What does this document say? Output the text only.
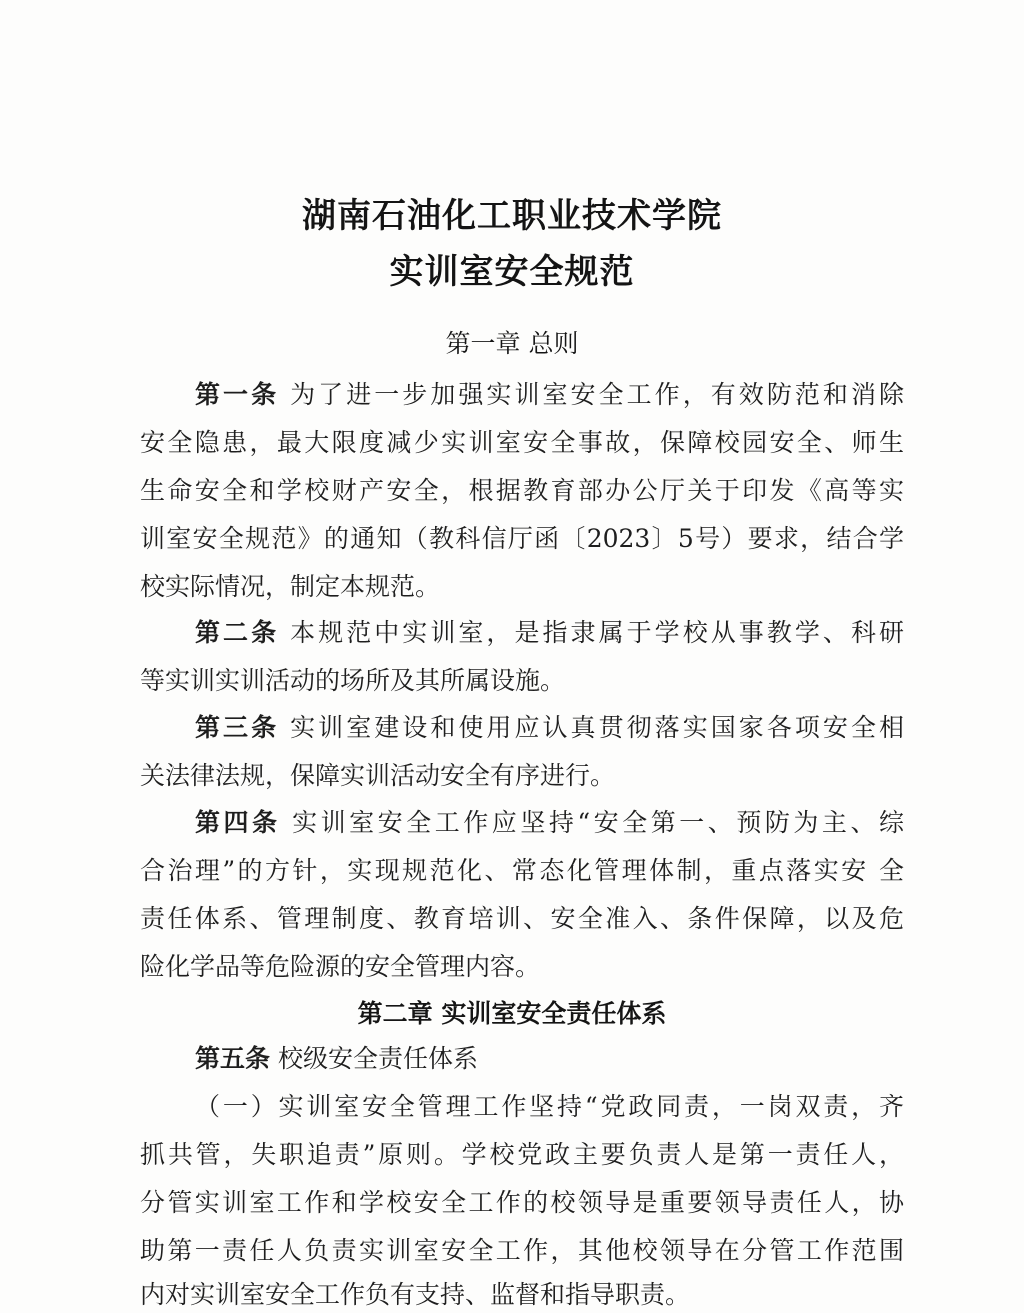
湖南石油化工职业技术学院
实训室安全规范
第一章 总则
第一条 为了进一步加强实训室安全工作，有效防范和消除
安全隐患，最大限度减少实训室安全事故，保障校园安全、师生
生命安全和学校财产安全，根据教育部办公厅关于印发《高等实
训室安全规范》的通知（教科信厅函〔2023〕5号）要求，结合学
校实际情况，制定本规范。
第二条 本规范中实训室，是指隶属于学校从事教学、科研
等实训实训活动的场所及其所属设施。
第三条 实训室建设和使用应认真贯彻落实国家各项安全相
关法律法规，保障实训活动安全有序进行。
第四条 实训室安全工作应坚持“安全第一、预防为主、综
合治理”的方针，实现规范化、常态化管理体制，重点落实安 全
责任体系、管理制度、教育培训、安全准入、条件保障，以及危
险化学品等危险源的安全管理内容。
第二章 实训室安全责任体系
第五条 校级安全责任体系
（一）实训室安全管理工作坚持“党政同责，一岗双责，齐
抓共管，失职追责”原则。学校党政主要负责人是第一责任人，
分管实训室工作和学校安全工作的校领导是重要领导责任人，协
助第一责任人负责实训室安全工作，其他校领导在分管工作范围
内对实训室安全工作负有支持、监督和指导职责。
